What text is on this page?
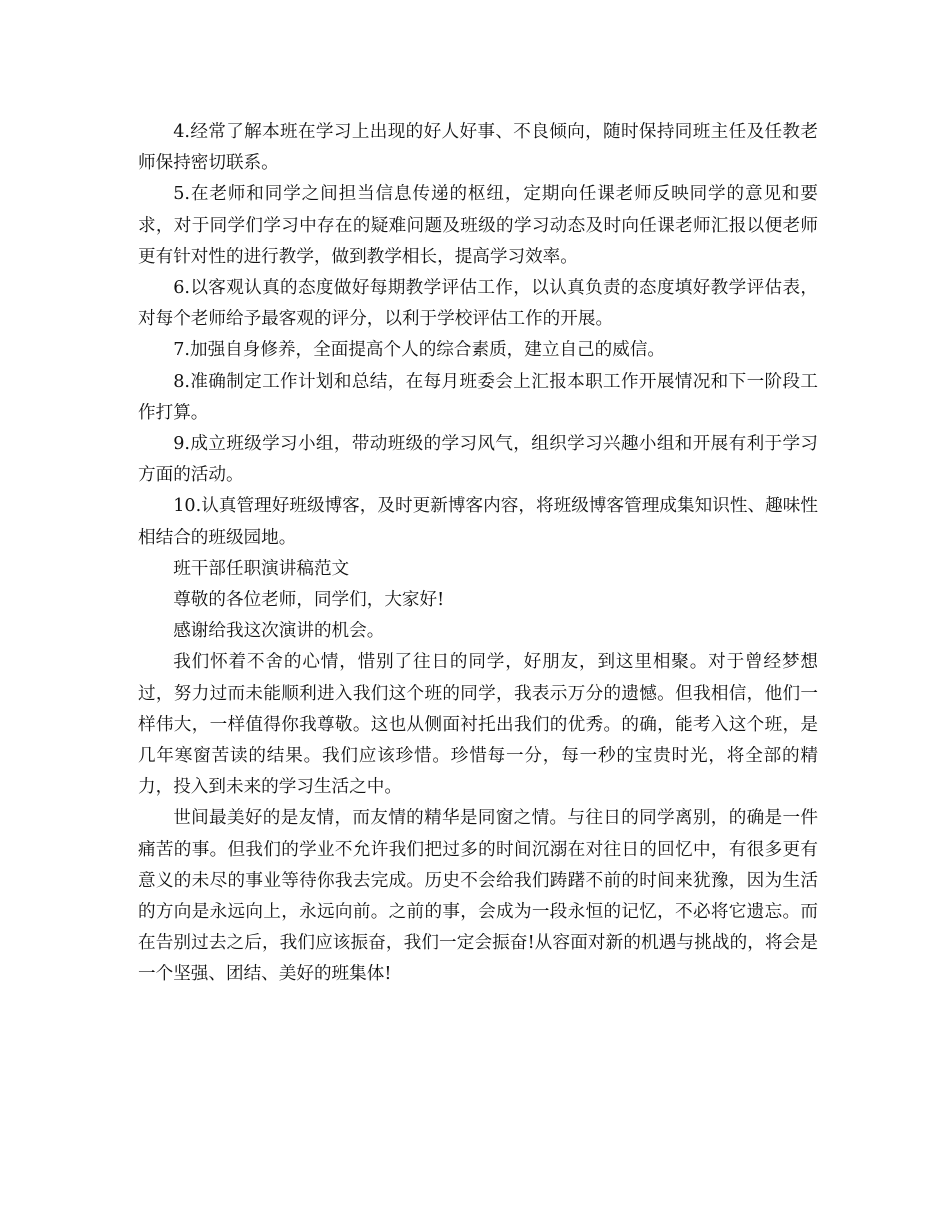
4.经常了解本班在学习上出现的好人好事、不良倾向，随时保持同班主任及任教老师保持密切联系。

5.在老师和同学之间担当信息传递的枢纽，定期向任课老师反映同学的意见和要求，对于同学们学习中存在的疑难问题及班级的学习动态及时向任课老师汇报以便老师更有针对性的进行教学，做到教学相长，提高学习效率。

6.以客观认真的态度做好每期教学评估工作，以认真负责的态度填好教学评估表，对每个老师给予最客观的评分，以利于学校评估工作的开展。

7.加强自身修养，全面提高个人的综合素质，建立自己的威信。

8.准确制定工作计划和总结，在每月班委会上汇报本职工作开展情况和下一阶段工作打算。

9.成立班级学习小组，带动班级的学习风气，组织学习兴趣小组和开展有利于学习方面的活动。

10.认真管理好班级博客，及时更新博客内容，将班级博客管理成集知识性、趣味性相结合的班级园地。

班干部任职演讲稿范文

尊敬的各位老师，同学们，大家好!

感谢给我这次演讲的机会。

我们怀着不舍的心情，惜别了往日的同学，好朋友，到这里相聚。对于曾经梦想过，努力过而未能顺利进入我们这个班的同学，我表示万分的遗憾。但我相信，他们一样伟大，一样值得你我尊敬。这也从侧面衬托出我们的优秀。的确，能考入这个班，是几年寒窗苦读的结果。我们应该珍惜。珍惜每一分，每一秒的宝贵时光，将全部的精力，投入到未来的学习生活之中。

世间最美好的是友情，而友情的精华是同窗之情。与往日的同学离别，的确是一件痛苦的事。但我们的学业不允许我们把过多的时间沉溺在对往日的回忆中，有很多更有意义的未尽的事业等待你我去完成。历史不会给我们踌躇不前的时间来犹豫，因为生活的方向是永远向上，永远向前。之前的事，会成为一段永恒的记忆，不必将它遗忘。而在告别过去之后，我们应该振奋，我们一定会振奋!从容面对新的机遇与挑战的，将会是一个坚强、团结、美好的班集体!
